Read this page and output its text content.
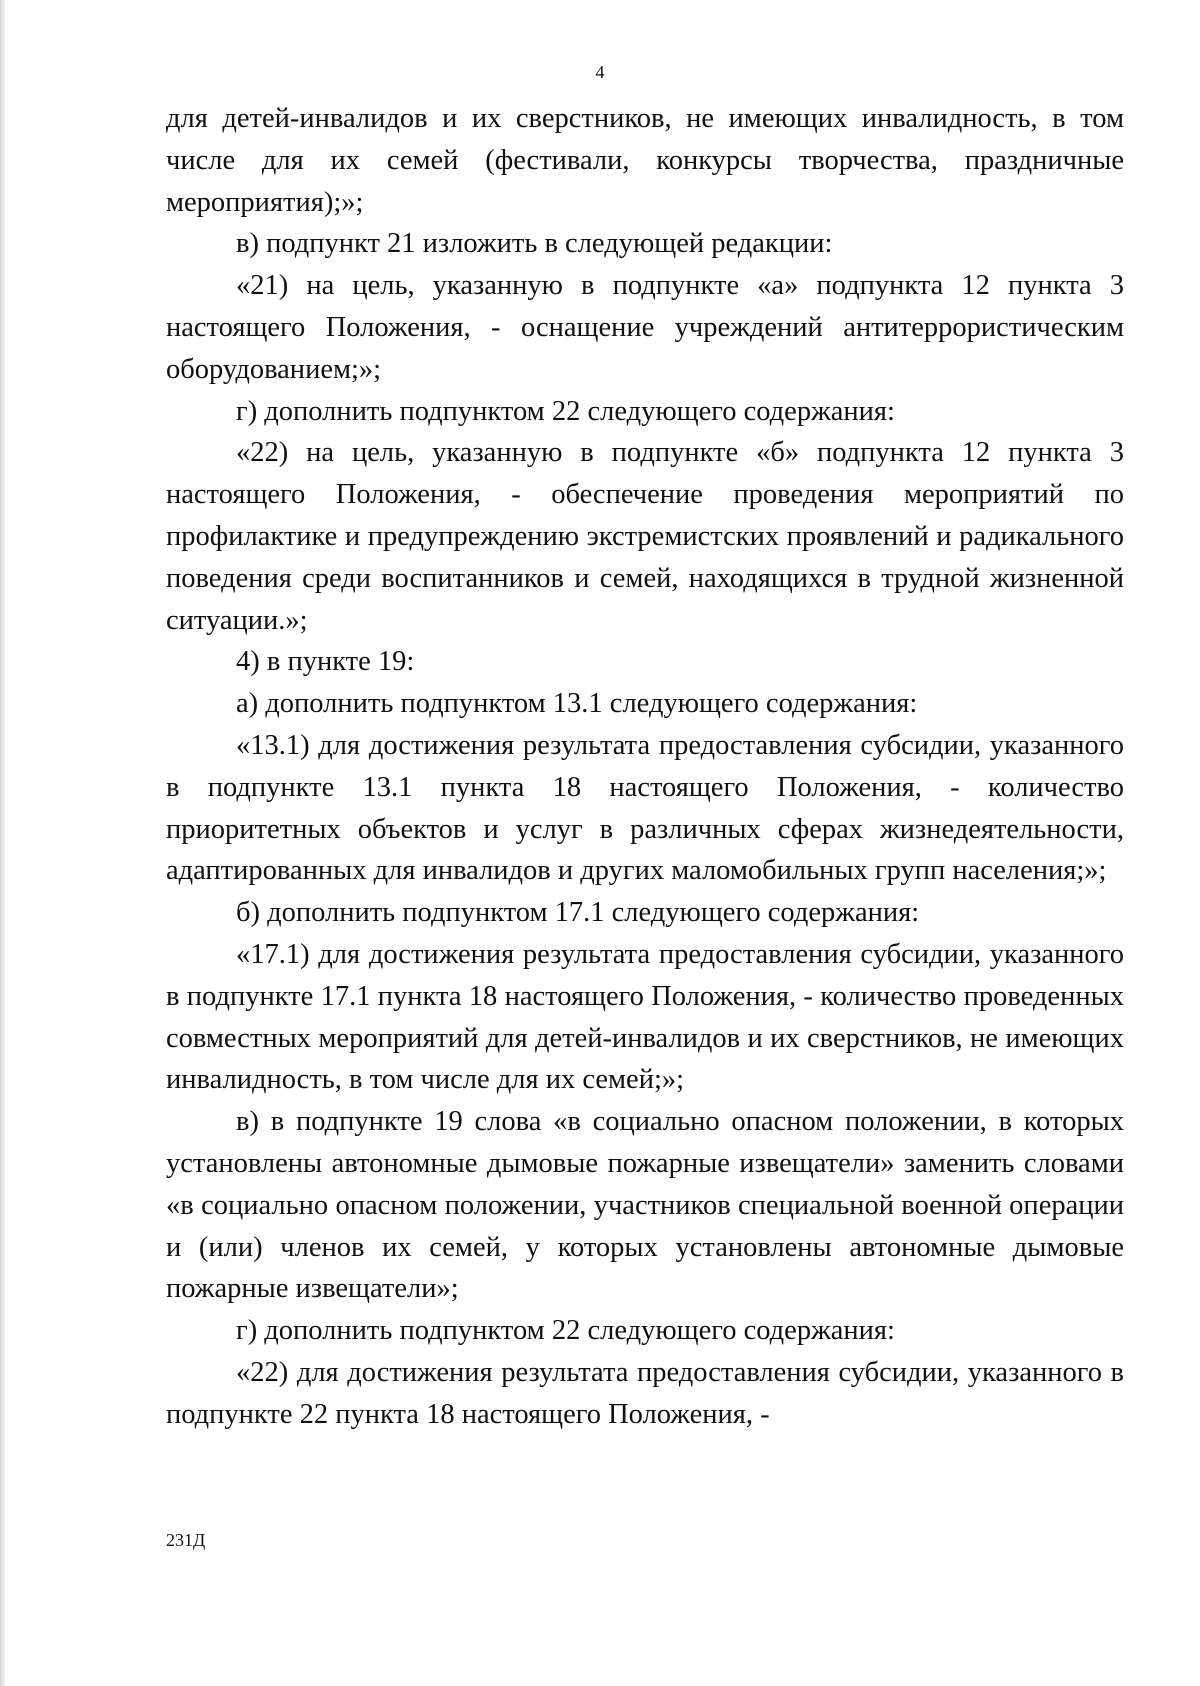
4

для детей-инвалидов и их сверстников, не имеющих инвалидность, в том числе для их семей (фестивали, конкурсы творчества, праздничные мероприятия);»;

в) подпункт 21 изложить в следующей редакции:

«21) на цель, указанную в подпункте «а» подпункта 12 пункта 3 настоящего Положения, - оснащение учреждений антитеррористическим оборудованием;»;

г) дополнить подпунктом 22 следующего содержания:

«22) на цель, указанную в подпункте «б» подпункта 12 пункта 3 настоящего Положения, - обеспечение проведения мероприятий по профилактике и предупреждению экстремистских проявлений и радикального поведения среди воспитанников и семей, находящихся в трудной жизненной ситуации.»;

4) в пункте 19:

а) дополнить подпунктом 13.1 следующего содержания:

«13.1) для достижения результата предоставления субсидии, указанного в подпункте 13.1 пункта 18 настоящего Положения, - количество приоритетных объектов и услуг в различных сферах жизнедеятельности, адаптированных для инвалидов и других маломобильных групп населения;»;

б) дополнить подпунктом 17.1 следующего содержания:

«17.1) для достижения результата предоставления субсидии, указанного в подпункте 17.1 пункта 18 настоящего Положения, - количество проведенных совместных мероприятий для детей-инвалидов и их сверстников, не имеющих инвалидность, в том числе для их семей;»;

в) в подпункте 19 слова «в социально опасном положении, в которых установлены автономные дымовые пожарные извещатели» заменить словами «в социально опасном положении, участников специальной военной операции и (или) членов их семей, у которых установлены автономные дымовые пожарные извещатели»;

г) дополнить подпунктом 22 следующего содержания:

«22) для достижения результата предоставления субсидии, указанного в подпункте 22 пункта 18 настоящего Положения, -

231Д
